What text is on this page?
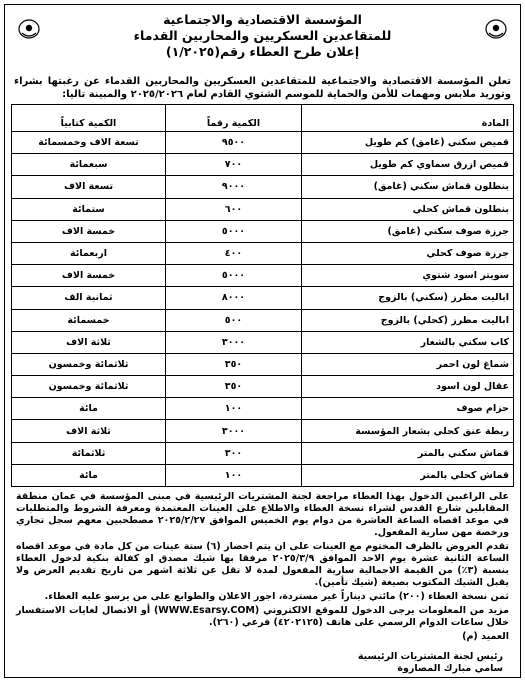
المؤسسة الاقتصادية والاجتماعية

للمتقاعدين العسكريين والمحاربين القدماء

إعلان طرح العطاء رقم(١/٢٠٢٥)

تعلن المؤسسة الاقتصادية والاجتماعية للمتقاعدين العسكريين والمحاربين القدماء عن رغبتها بشراء وتوريد ملابس ومهمات للأمن والحماية للموسم الشتوي القادم لعام ٢٠٢٥/٢٠٢٦ والمبينة تاليا:

المادة	الكمية رقماً	الكمية كتابياً
قميص سكني (غامق) كم طويل	٩٥٠٠	تسعة الاف وخمسمائة
قميص ازرق سماوي كم طويل	٧٠٠	سبعمائة
بنطلون قماش سكني (غامق)	٩٠٠٠	تسعة الاف
بنطلون قماش كحلي	٦٠٠	ستمائة
جرزة صوف سكني (غامق)	٥٠٠٠	خمسة الاف
جرزة صوف كحلي	٤٠٠	اربعمائة
سويتر اسود شتوي	٥٠٠٠	خمسة الاف
اباليت مطرز (سكني) بالزوج	٨٠٠٠	ثمانية الف
اباليت مطرز (كحلي) بالزوج	٥٠٠	خمسمائة
كاب سكني بالشعار	٣٠٠٠	ثلاثة الاف
شماغ لون احمر	٣٥٠	ثلاثمائة وخمسون
عقال لون اسود	٣٥٠	ثلاثمائة وخمسون
حزام صوف	١٠٠	مائة
ربطة عنق كحلي بشعار المؤسسة	٣٠٠٠	ثلاثة الاف
قماش سكني بالمتر	٣٠٠	ثلاثمائة
قماش كحلي بالمتر	١٠٠	مائة

على الراغبين الدخول بهذا العطاء مراجعة لجنة المشتريات الرئيسية في مبنى المؤسسة في عمان منطقة المقابلين شارع القدس لشراء نسخة العطاء والاطلاع على العينات المعتمدة ومعرفة الشروط والمتطلبات في موعد اقصاه الساعة العاشرة من دوام يوم الخميس الموافق ٢٠٢٥/٢/٢٧ مصطحبين معهم سجل تجاري ورخصة مهن سارية المفعول.

تقدم العروض بالظرف المختوم مع العينات على ان يتم احضار (٦) ستة عينات من كل مادة في موعد اقصاه الساعة الثانية عشرة يوم الاحد الموافق ٢٠٢٥/٣/٩ مرفقا بها شيك مصدق او كفالة بنكية لدخول العطاء بنسبة (٣٪) من القيمة الاجمالية سارية المفعول لمدة لا تقل عن ثلاثة اشهر من تاريخ تقديم العرض ولا يقبل الشيك المكتوب بصيغة (شيك تأمين).

ثمن نسخة العطاء (٢٠٠) مائتي ديناراً غير مستردة، اجور الاعلان والطوابع على من يرسو عليه العطاء.

مزيد من المعلومات يرجى الدخول للموقع الالكتروني (WWW.Esarsy.COM) أو الاتصال لغايات الاستفسار خلال ساعات الدوام الرسمي على هاتف (٤٢٠٢١٢٥) فرعي (٢٦٠).

العميد (م)

رئيس لجنة المشتريات الرئيسية

سامي مبارك المصاروة
